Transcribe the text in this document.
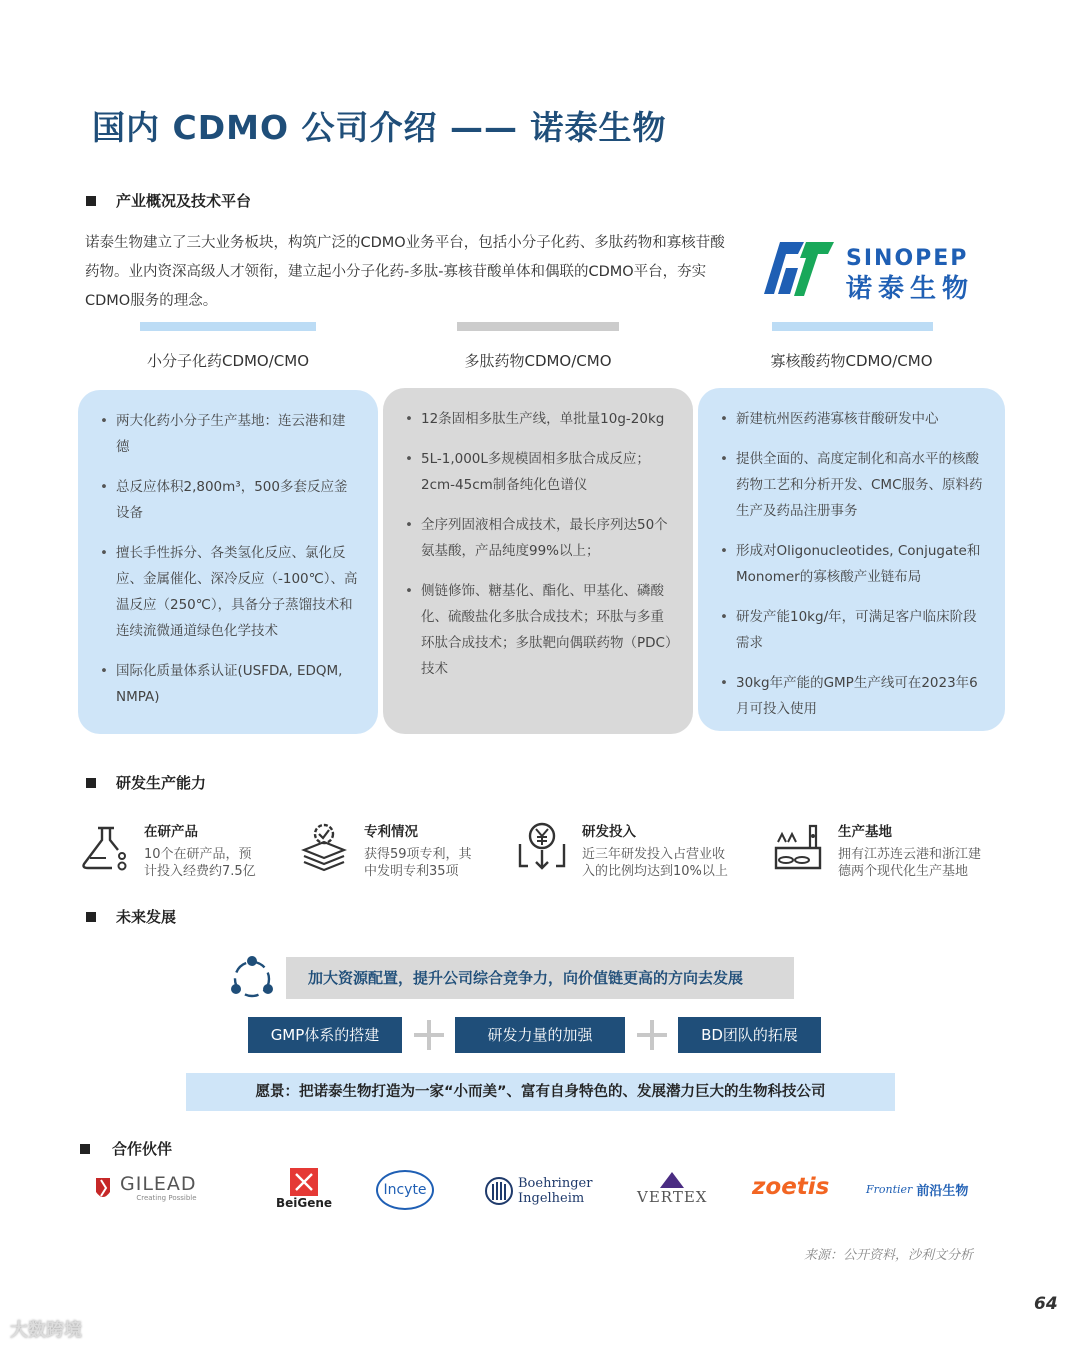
国内 CDMO 公司介绍 —— 诺泰生物
产业概况及技术平台
诺泰生物建立了三大业务板块，构筑广泛的CDMO业务平台，包括小分子化药、多肽药物和寡核苷酸药物。业内资深高级人才领衔，建立起小分子化药-多肽-寡核苷酸单体和偶联的CDMO平台，夯实CDMO服务的理念。
SINOPEP
诺泰生物
小分子化药CDMO/CMO	多肽药物CDMO/CMO	寡核酸药物CDMO/CMO
• 两大化药小分子生产基地：连云港和建德
• 总反应体积2,800m³，500多套反应釜设备
• 擅长手性拆分、各类氢化反应、氯化反应、金属催化、深冷反应（-100℃）、高温反应（250℃），具备分子蒸馏技术和连续流微通道绿色化学技术
• 国际化质量体系认证(USFDA, EDQM, NMPA)
• 12条固相多肽生产线，单批量10g-20kg
• 5L-1,000L多规模固相多肽合成反应；2cm-45cm制备纯化色谱仪
• 全序列固液相合成技术，最长序列达50个氨基酸，产品纯度99%以上；
• 侧链修饰、糖基化、酯化、甲基化、磷酸化、硫酸盐化多肽合成技术；环肽与多重环肽合成技术；多肽靶向偶联药物（PDC）技术
• 新建杭州医药港寡核苷酸研发中心
• 提供全面的、高度定制化和高水平的核酸药物工艺和分析开发、CMC服务、原料药生产及药品注册事务
• 形成对Oligonucleotides, Conjugate和Monomer的寡核酸产业链布局
• 研发产能10kg/年，可满足客户临床阶段需求
• 30kg年产能的GMP生产线可在2023年6月可投入使用
研发生产能力
在研产品

10个在研产品，预

计投入经费约7.5亿

专利情况

获得59项专利，其

中发明专利35项

研发投入

近三年研发投入占营业收

入的比例均达到10%以上

生产基地

拥有江苏连云港和浙江建

德两个现代化生产基地

未来发展
加大资源配置，提升公司综合竞争力，向价值链更高的方向去发展
GMP体系的搭建	研发力量的加强	BD团队的拓展
愿景：把诺泰生物打造为一家“小而美”、富有自身特色的、发展潜力巨大的生物科技公司
合作伙伴
GILEAD
Creating Possible	BeiGene
Incyte	Boehringer
Ingelheim	VERTEX zoetis	Frontier 前沿生物
来源：公开资料，沙利文分析
64
大数跨境
